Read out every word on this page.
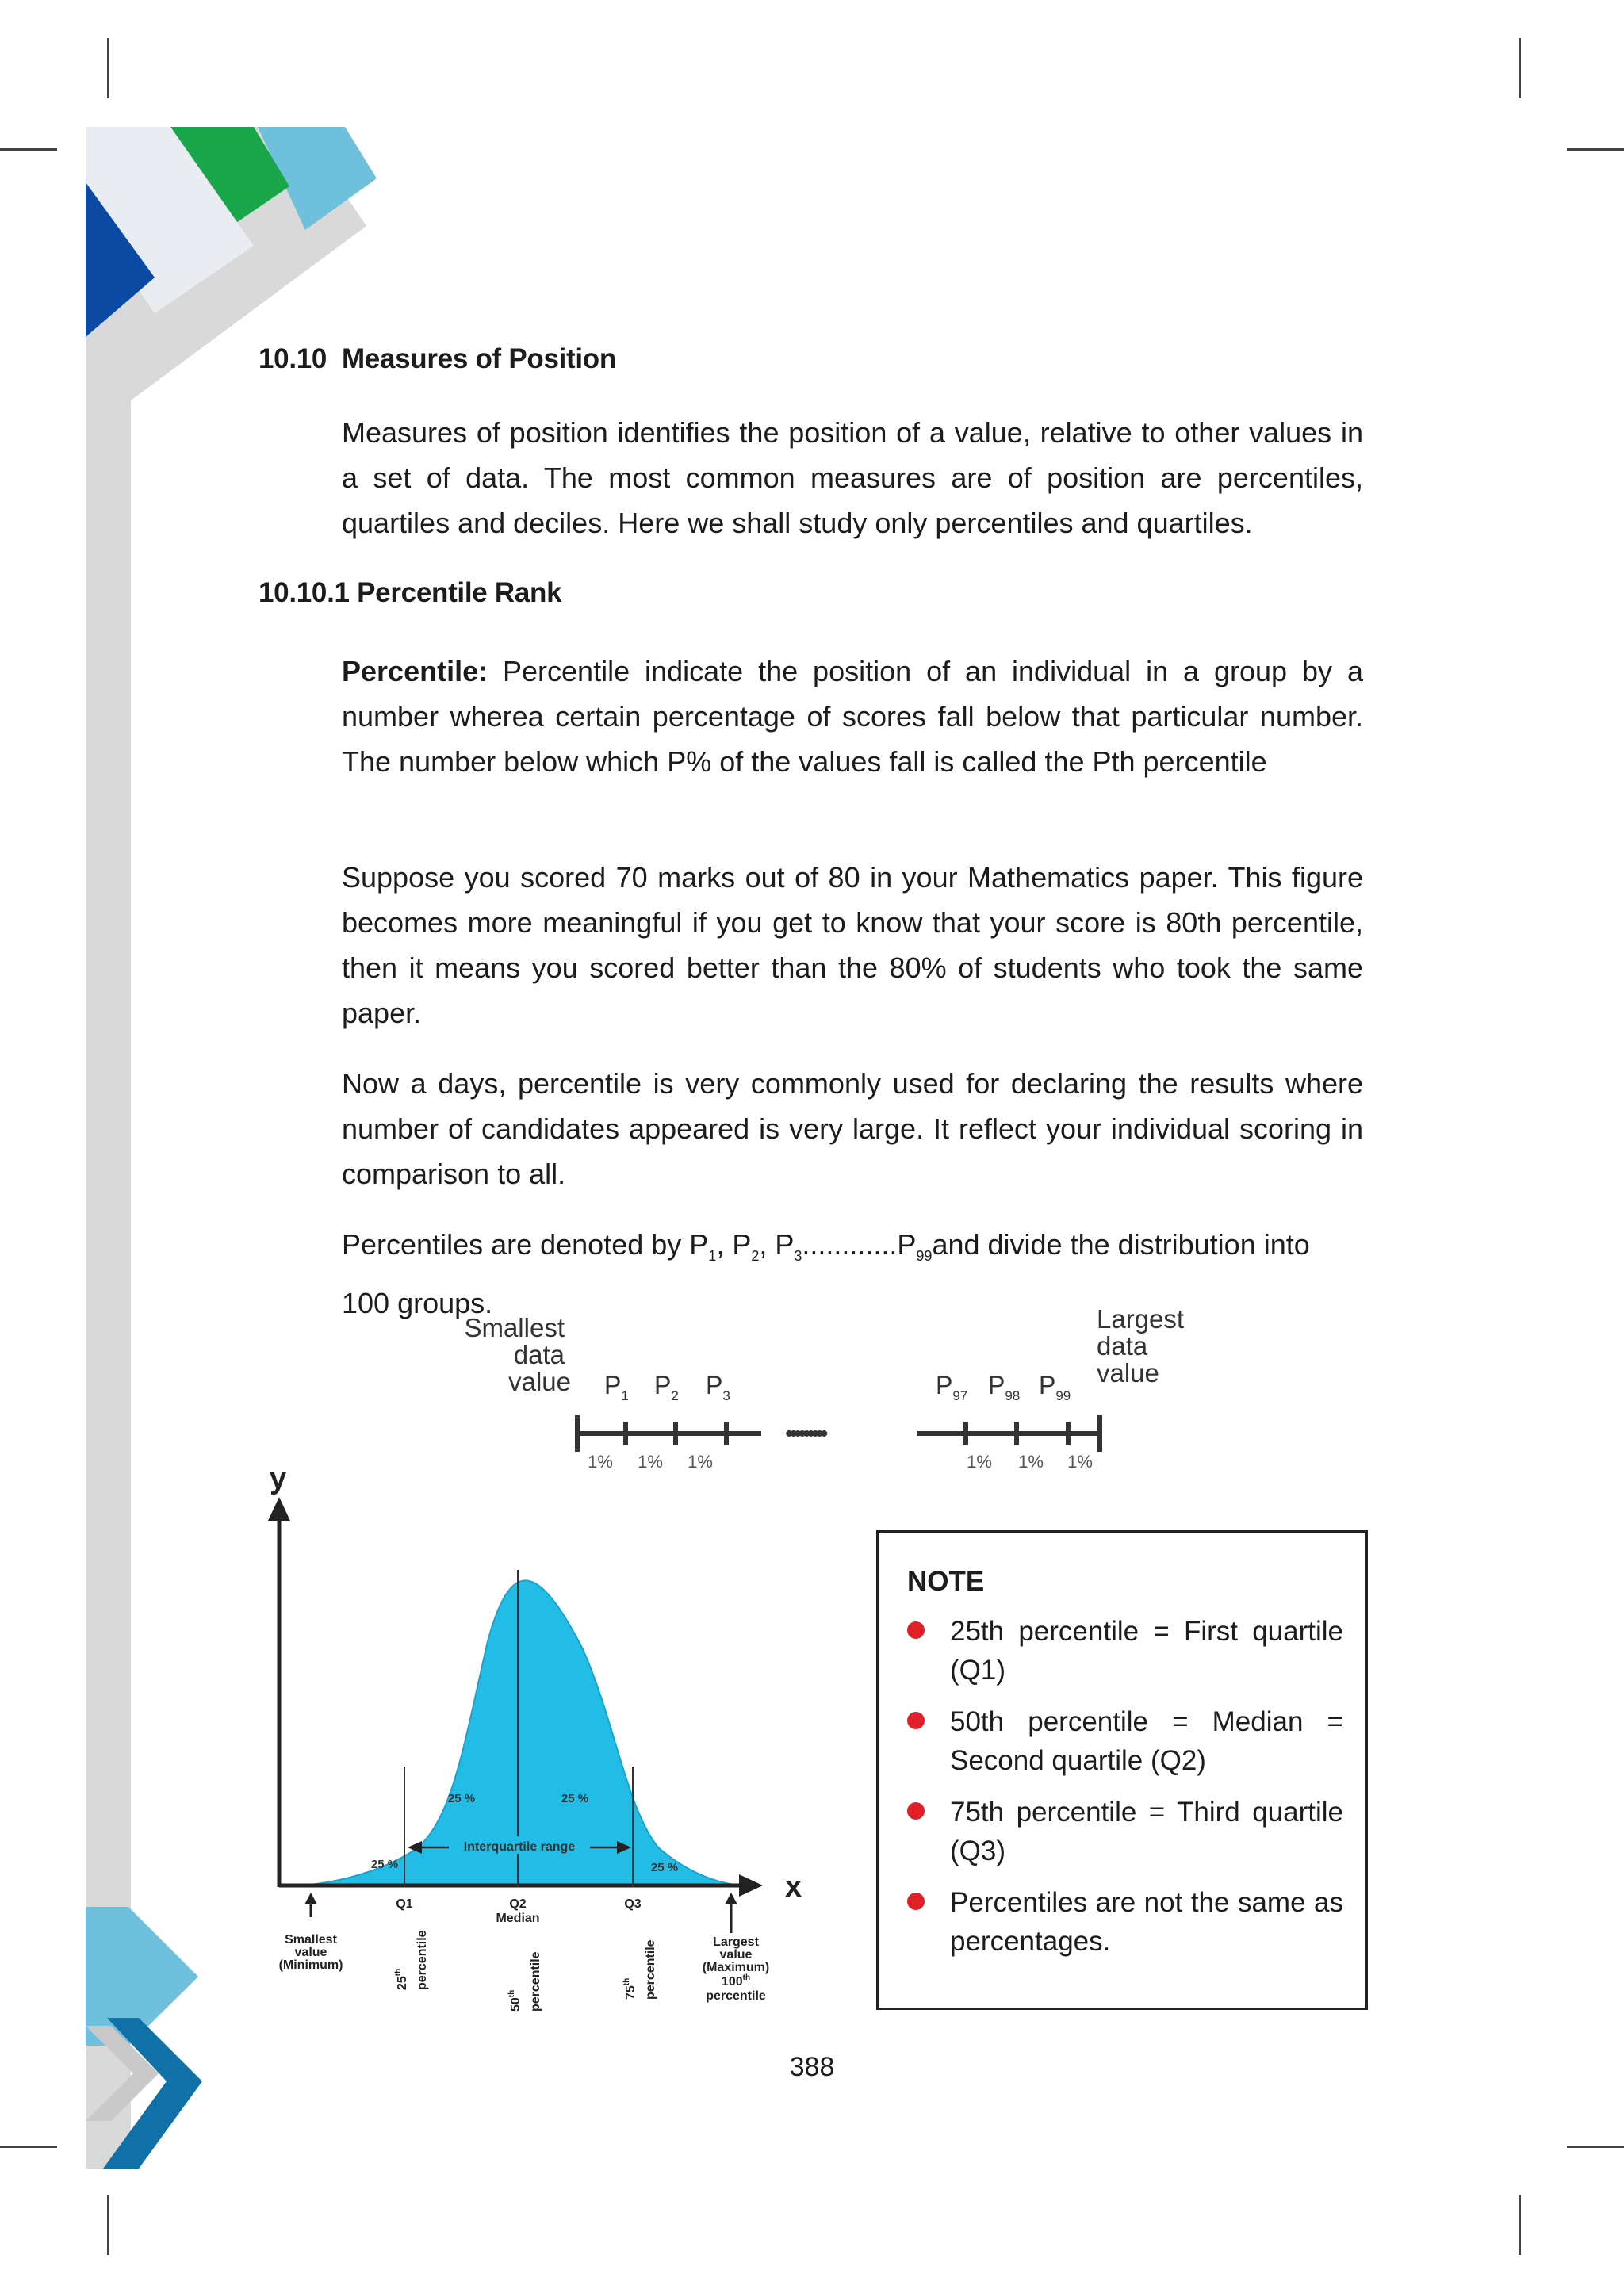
10.10 Measures of Position

Measures of position identifies the position of a value, relative to other values in a set of data. The most common measures are of position are percentiles, quartiles and deciles. Here we shall study only percentiles and quartiles.

10.10.1 Percentile Rank

Percentile: Percentile indicate the position of an individual in a group by a number wherea certain percentage of scores fall below that particular number. The number below which P% of the values fall is called the Pth percentile

Suppose you scored 70 marks out of 80 in your Mathematics paper. This figure becomes more meaningful if you get to know that your score is 80th percentile, then it means you scored better than the 80% of students who took the same paper.

Now a days, percentile is very commonly used for declaring the results where number of candidates appeared is very large. It reflect your individual scoring in comparison to all.

Percentiles are denoted by $P_1$, $P_2$, $P_3............P_{99}and$ divide the distribution into 100 groups.

Smallest
data
value
Largest
data
value
$P_1$ $P_2$ $P_3$	$P_{97}$ $P_{98}$ $P_{99}$
•••••••••
1% 1% 1%	1% 1% 1%
y
x
25 %	25 %
25 %	25 %
Interquartile range
Q1	Q2
Median
Q3
Smallest
value
(Minimum)
Largest
value
(Maximum)
100th
percentile
25th percentile
50th percentile	75th percentile
NOTE
25th percentile = First quartile (Q1)
50th percentile = Median = Second quartile (Q2)
75th percentile = Third quartile (Q3)
Percentiles are not the same as percentages.
388
